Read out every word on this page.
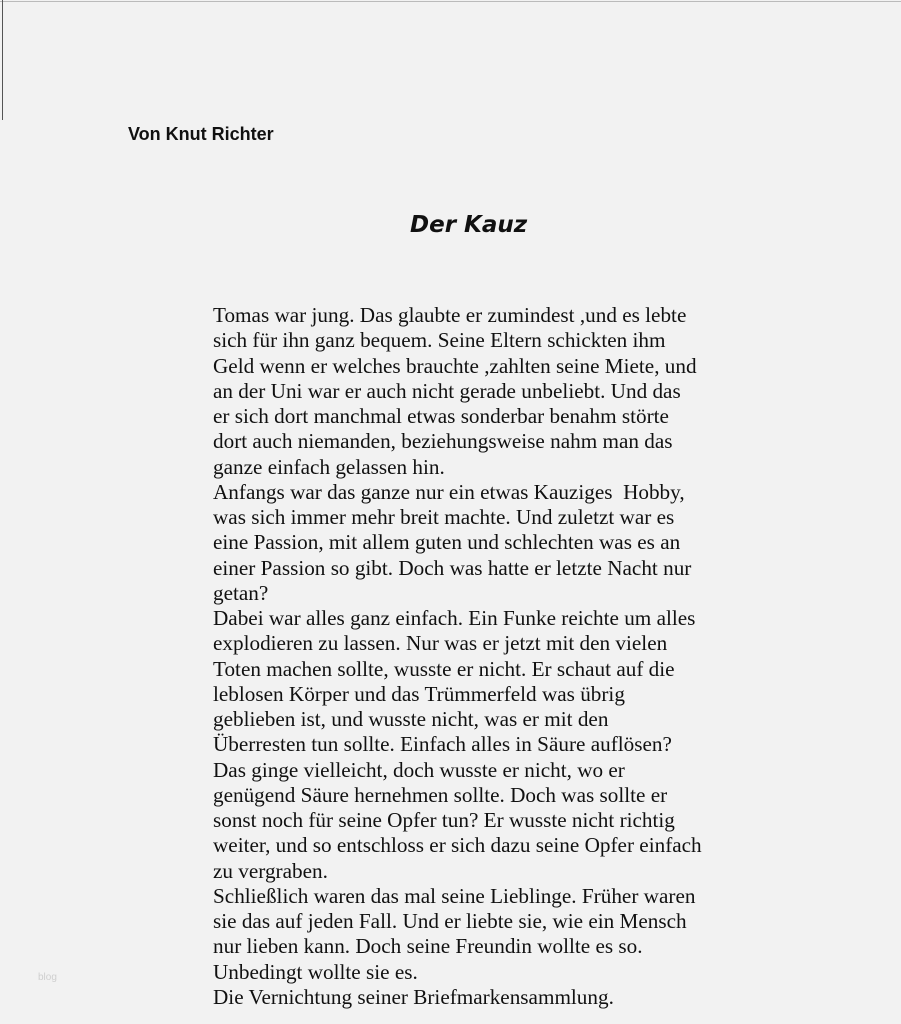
Von Knut Richter
Der Kauz
Tomas war jung. Das glaubte er zumindest ,und es lebte
sich für ihn ganz bequem. Seine Eltern schickten ihm
Geld wenn er welches brauchte ,zahlten seine Miete, und
an der Uni war er auch nicht gerade unbeliebt. Und das
er sich dort manchmal etwas sonderbar benahm störte
dort auch niemanden, beziehungsweise nahm man das
ganze einfach gelassen hin.
Anfangs war das ganze nur ein etwas Kauziges  Hobby,
was sich immer mehr breit machte. Und zuletzt war es
eine Passion, mit allem guten und schlechten was es an
einer Passion so gibt. Doch was hatte er letzte Nacht nur
getan?
Dabei war alles ganz einfach. Ein Funke reichte um alles
explodieren zu lassen. Nur was er jetzt mit den vielen
Toten machen sollte, wusste er nicht. Er schaut auf die
leblosen Körper und das Trümmerfeld was übrig
geblieben ist, und wusste nicht, was er mit den
Überresten tun sollte. Einfach alles in Säure auflösen?
Das ginge vielleicht, doch wusste er nicht, wo er
genügend Säure hernehmen sollte. Doch was sollte er
sonst noch für seine Opfer tun? Er wusste nicht richtig
weiter, und so entschloss er sich dazu seine Opfer einfach
zu vergraben.
Schließlich waren das mal seine Lieblinge. Früher waren
sie das auf jeden Fall. Und er liebte sie, wie ein Mensch
nur lieben kann. Doch seine Freundin wollte es so.
Unbedingt wollte sie es.
Die Vernichtung seiner Briefmarkensammlung.
blog
